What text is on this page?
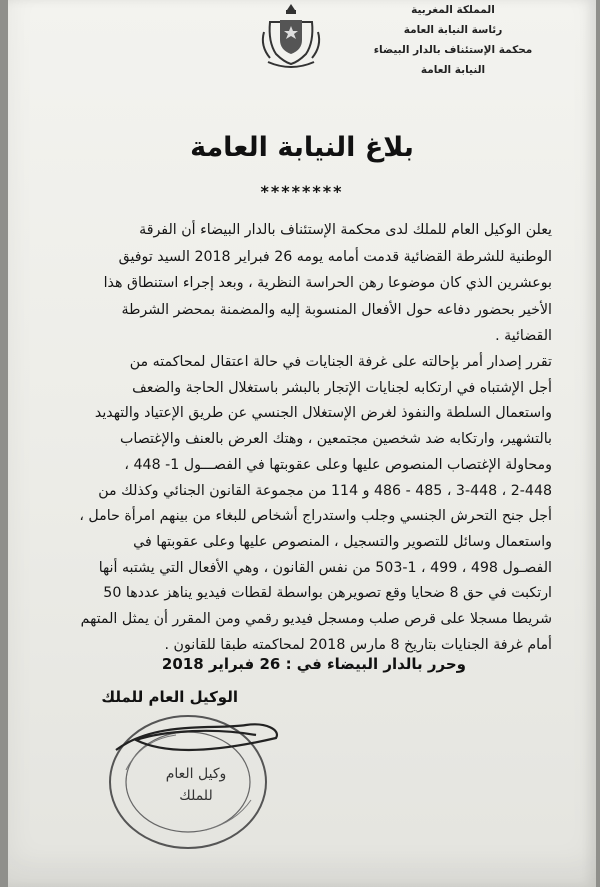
المملكة المغربية
رئاسة النيابة العامة
محكمة الإستئناف بالدار البيضاء
النيابة العامة
بلاغ النيابة العامة
********
يعلن الوكيل العام للملك لدى محكمة الإستئناف بالدار البيضاء أن الفرقة
الوطنية للشرطة القضائية قدمت أمامه يومه 26 فبراير 2018 السيد توفيق
بوعشرين الذي كان موضوعا رهن الحراسة النظرية ، وبعد إجراء استنطاق هذا
الأخير بحضور دفاعه حول الأفعال المنسوبة إليه والمضمنة بمحضر الشرطة
القضائية .
تقرر إصدار أمر بإحالته على غرفة الجنايات في حالة اعتقال لمحاكمته من
أجل الإشتباه في ارتكابه لجنايات الإتجار بالبشر باستغلال الحاجة والضعف
واستعمال السلطة والنفوذ لغرض الإستغلال الجنسي عن طريق الإعتياد والتهديد
بالتشهير، وارتكابه ضد شخصين مجتمعين ، وهتك العرض بالعنف والإغتصاب
ومحاولة الإغتصاب المنصوص عليها وعلى عقوبتها في الفصـــول 1- 448 ،
2-448 ، 3-448 ، 485 - 486 و 114 من مجموعة القانون الجنائي وكذلك من
أجل جنح التحرش الجنسي وجلب واستدراج أشخاص للبغاء من بينهم امرأة حامل ،
واستعمال وسائل للتصوير والتسجيل ، المنصوص عليها وعلى عقوبتها في
الفصـول 498 ، 499 ، 1-503 من نفس القانون ، وهي الأفعال التي يشتبه أنها
ارتكبت في حق 8 ضحايا وقع تصويرهن بواسطة لقطات فيديو يناهز عددها 50
شريطا مسجلا على قرص صلب ومسجل فيديو رقمي ومن المقرر أن يمثل المتهم
أمام غرفة الجنايات بتاريخ 8 مارس 2018 لمحاكمته طبقا للقانون .
وحرر بالدار البيضاء في : 26 فبراير 2018
الوكيل العام للملك
وكيل العام
للملك
